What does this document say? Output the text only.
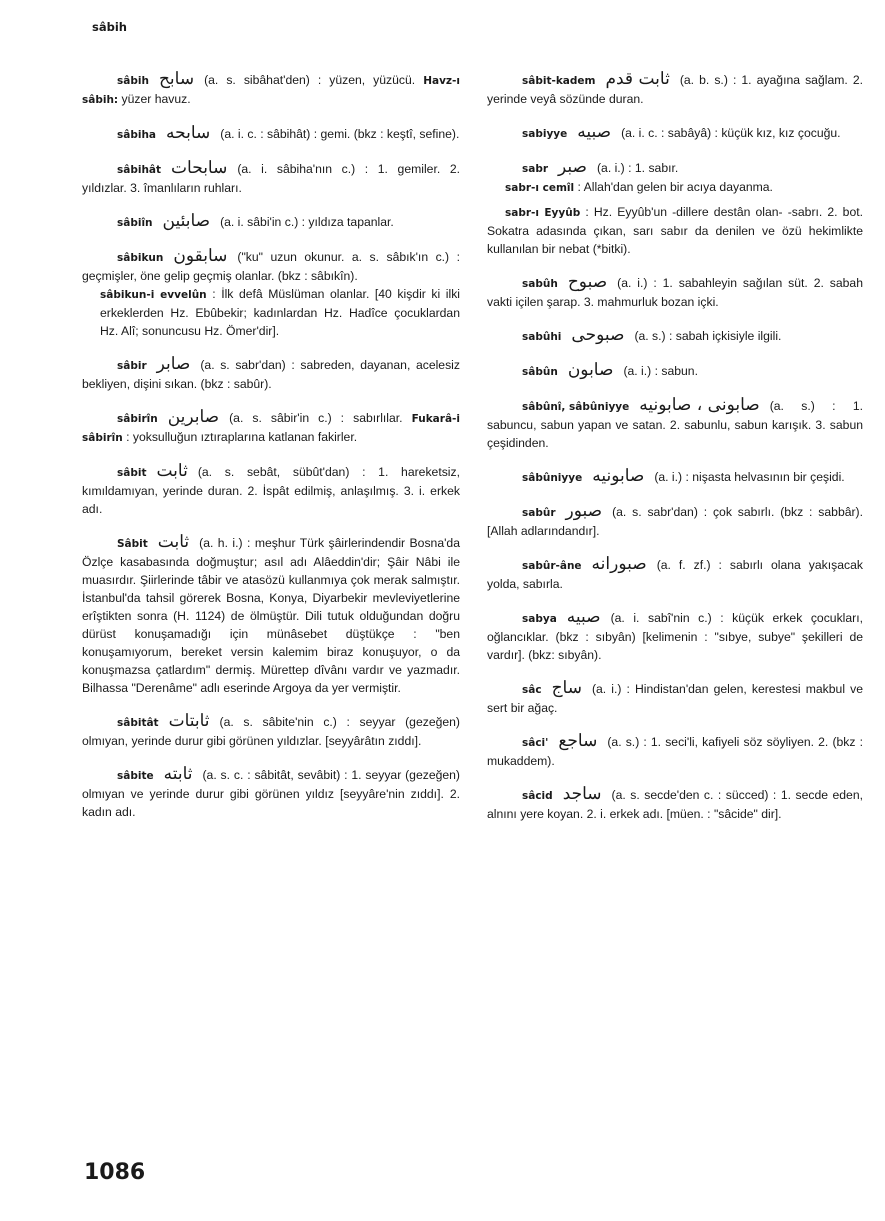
sâbih
sâbih سابح (a. s. sibâhat'den) : yüzen, yüzücü. Havz-ı sâbih: yüzer havuz.
sâbiha سابحه (a. i. c. : sâbihât) : gemi. (bkz : keştî, sefine).
sâbihât سابحات (a. i. sâbiha'nın c.) : 1. gemiler. 2. yıldızlar. 3. îmanlıların ruhları.
sâbiîn صابئين (a. i. sâbi'in c.) : yıldıza tapanlar.
sâbikun سابقون ("ku" uzun okunur. a. s. sâbık'ın c.) : geçmişler, öne gelip geçmiş olanlar. (bkz : sâbıkîn).
sâbikun-i evvelûn : İlk defâ Müslüman olanlar. [40 kişdir ki ilki erkeklerden Hz. Ebûbekir; kadınlardan Hz. Hadîce çocuklardan Hz. Alî; sonuncusu Hz. Ömer'dir].
sâbir صابر (a. s. sabr'dan) : sabreden, dayanan, acelesiz bekliyen, dişini sıkan. (bkz : sabûr).
sâbirîn صابرين (a. s. sâbir'in c.) : sabırlılar. Fukarâ-i sâbirîn : yoksulluğun ıztıraplarına katlanan fakirler.
sâbit ثابت (a. s. sebât, sübût'dan) : 1. hareketsiz, kımıldamıyan, yerinde duran. 2. İspât edilmiş, anlaşılmış. 3. i. erkek adı.
Sâbit ثابت (a. h. i.) : meşhur Türk şâirlerindendir Bosna'da Özlçe kasabasında doğmuştur; asıl adı Alâeddin'dir; Şâir Nâbi ile muasırdır. Şiirlerinde tâbir ve atasözü kullanmıya çok merak salmıştır. İstanbul'da tahsil görerek Bosna, Konya, Diyarbekir mevleviyetlerine erîştikten sonra (H. 1124) de ölmüştür. Dili tutuk olduğundan doğru dürüst konuşamadığı için münâsebet düştükçe : "ben konuşamıyorum, bereket versin kalemim biraz konuşuyor, o da konuşmazsa çatlardım" dermiş. Mürettep dîvânı vardır ve yazmadır. Bilhassa "Derenâme" adlı eserinde Argoya da yer vermiştir.
sâbitât ثابتات (a. s. sâbite'nin c.) : seyyar (gezeğen) olmıyan, yerinde durur gibi görünen yıldızlar. [seyyârâtın zıddı].
sâbite ثابته (a. s. c. : sâbitât, sevâbit) : 1. seyyar (gezeğen) olmıyan ve yerinde durur gibi görünen yıldız [seyyâre'nin zıddı]. 2. kadın adı.
sâbit-kadem ثابت قدم (a. b. s.) : 1. ayağına sağlam. 2. yerinde veyâ sözünde duran.
sabiyye صبيه (a. i. c. : sabâyâ) : küçük kız, kız çocuğu.
sabr صبر (a. i.) : 1. sabır.
sabr-ı cemîl : Allah'dan gelen bir acıya dayanma.
sabr-ı Eyyûb : Hz. Eyyûb'un -dillere destân olan- -sabrı. 2. bot. Sokatra adasında çıkan, sarı sabır da denilen ve özü hekimlikte kullanılan bir nebat (*bitki).
sabûh صبوح (a. i.) : 1. sabahleyin sağılan süt. 2. sabah vakti içilen şarap. 3. mahmurluk bozan içki.
sabûhi صبوحى (a. s.) : sabah içkisiyle ilgili.
sâbûn صابون (a. i.) : sabun.
sâbûnî, sâbûniyye صابونى ، صابونيه (a. s.) : 1. sabuncu, sabun yapan ve satan. 2. sabunlu, sabun karışık. 3. sabun çeşidinden.
sâbûniyye صابونيه (a. i.) : nişasta helvasının bir çeşidi.
sabûr صبور (a. s. sabr'dan) : çok sabırlı. (bkz : sabbâr). [Allah adlarındandır].
sabûr-âne صبورانه (a. f. zf.) : sabırlı olana yakışacak yolda, sabırla.
sabya صبيه (a. i. sabî'nin c.) : küçük erkek çocukları, oğlancıklar. (bkz : sıbyân) [kelimenin : "sıbye, subye" şekilleri de vardır]. (bkz: sıbyân).
sâc ساج (a. i.) : Hindistan'dan gelen, kerestesi makbul ve sert bir ağaç.
sâci' ساجع (a. s.) : 1. seci'li, kafiyeli söz söyliyen. 2. (bkz : mukaddem).
sâcid ساجد (a. s. secde'den c. : sücced) : 1. secde eden, alnını yere koyan. 2. i. erkek adı. [müen. : "sâcide" dir].
1086
